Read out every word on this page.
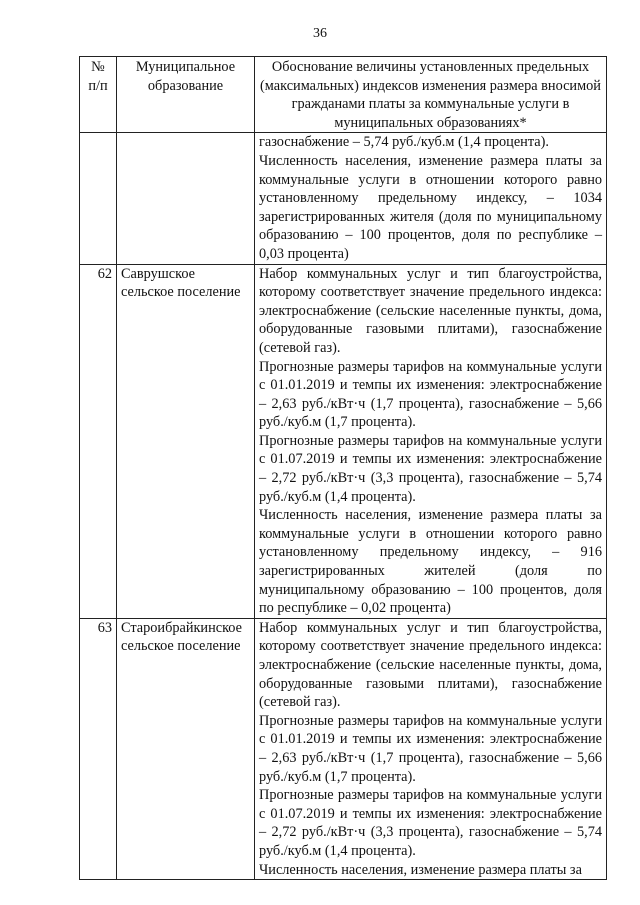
36
№ п/п	Муниципальное образование	Обоснование величины установленных предельных (максимальных) индексов изменения размера вносимой гражданами платы за коммунальные услуги в муниципальных образованиях*

		газоснабжение – 5,74 руб./куб.м (1,4 процента).

Численность населения, изменение размера платы за коммунальные услуги в отношении которого равно установленному предельному индексу, – 1034 зарегистрированных жителя (доля по муниципальному образованию – 100 процентов, доля по республике – 0,03 процента)

62	Саврушское сельское поселение	Набор коммунальных услуг и тип благоустройства, которому соответствует значение предельного индекса: электроснабжение (сельские населенные пункты, дома, оборудованные газовыми плитами), газоснабжение (сетевой газ).

Прогнозные размеры тарифов на коммунальные услуги с 01.01.2019 и темпы их изменения: электроснабжение – 2,63 руб./кВт·ч (1,7 процента), газоснабжение – 5,66 руб./куб.м (1,7 процента).

Прогнозные размеры тарифов на коммунальные услуги с 01.07.2019 и темпы их изменения: электроснабжение – 2,72 руб./кВт·ч (3,3 процента), газоснабжение – 5,74 руб./куб.м (1,4 процента).

Численность населения, изменение размера платы за коммунальные услуги в отношении которого равно установленному предельному индексу, – 916 зарегистрированных жителей (доля по муниципальному образованию – 100 процентов, доля по республике – 0,02 процента)

63	Староибрайкинское сельское поселение	Набор коммунальных услуг и тип благоустройства, которому соответствует значение предельного индекса: электроснабжение (сельские населенные пункты, дома, оборудованные газовыми плитами), газоснабжение (сетевой газ).

Прогнозные размеры тарифов на коммунальные услуги с 01.01.2019 и темпы их изменения: электроснабжение – 2,63 руб./кВт·ч (1,7 процента), газоснабжение – 5,66 руб./куб.м (1,7 процента).

Прогнозные размеры тарифов на коммунальные услуги с 01.07.2019 и темпы их изменения: электроснабжение – 2,72 руб./кВт·ч (3,3 процента), газоснабжение – 5,74 руб./куб.м (1,4 процента).

Численность населения, изменение размера платы за
